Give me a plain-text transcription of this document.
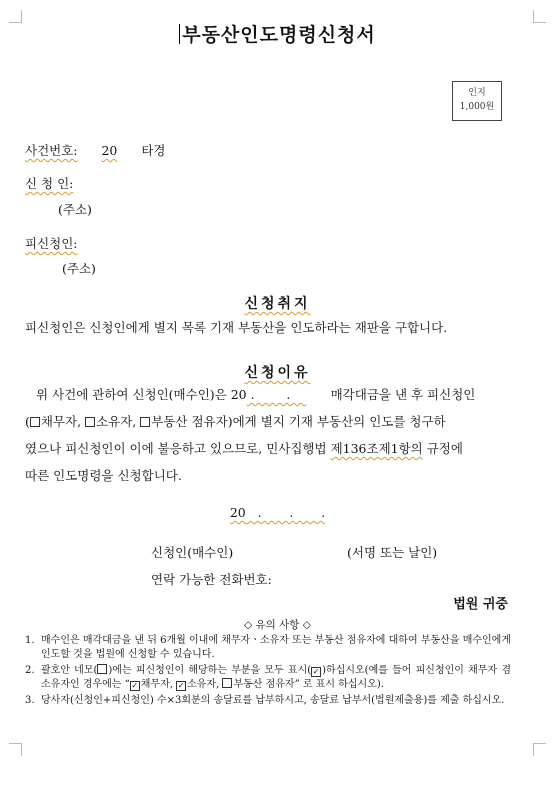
부동산인도명령신청서
인지
1,000원
사건번호: 20 타경
신 청 인:
(주소)
피신청인:
(주소)
신청취지
피신청인은 신청인에게 별지 목록 기재 부동산을 인도하라는 재판을 구합니다.
신청이유
위 사건에 관하여 신청인(매수인)은 20 .        .     매각대금을 낸 후 피신청인
( 채무자, 소유자, 부동산 점유자)에게 별지 기재 부동산의 인도를 청구하
였으나 피신청인이 이에 불응하고 있으므로, 민사집행법 제136조제1항의 규정에
따른 인도명령을 신청합니다.
20   .       .       .
신청인(매수인)	(서명 또는 날인)
연락 가능한 전화번호:
법원 귀중
◇ 유의 사항 ◇
1. 매수인은 매각대금을 낸 뒤 6개월 이내에 채무자ㆍ소유자 또는 부동산 점유자에 대하여 부동산을 매수인에게 인도할 것을 법원에 신청할 수 있습니다.
2. 괄호안 네모( )에는 피신청인이 해당하는 부분을 모두 표시( ✓ )하십시오(예를 들어 피신청인이 채무자 겸 소유자인 경우에는 “ ✓ 채무자, ✓소유자, 부동산 점유자” 로 표시 하십시오).
3. 당사자(신청인+피신청인) 수×3회분의 송달료를 납부하시고, 송달료 납부서(법원제출용)를 제출 하십시오.
